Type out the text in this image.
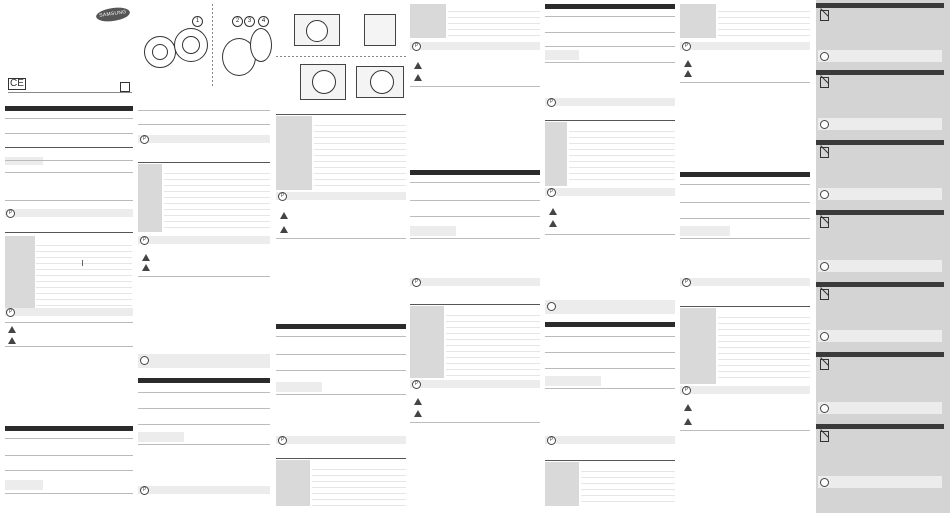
SAMSUNG
CE
P
P
1	2	3	4
P
P
P
P
P
P
P
P
P
P
P
P
P
P
